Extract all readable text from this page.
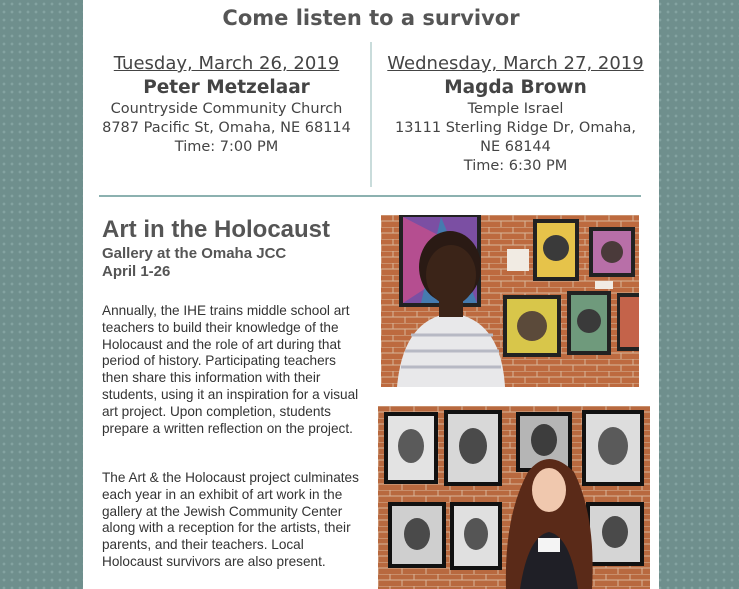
Come listen to a survivor
Tuesday, March 26, 2019
Peter Metzelaar
Countryside Community Church
8787 Pacific St, Omaha, NE 68114
Time: 7:00 PM
Wednesday, March 27, 2019
Magda Brown
Temple Israel
13111 Sterling Ridge Dr, Omaha,
NE 68144
Time: 6:30 PM
Art in the Holocaust
Gallery at the Omaha JCC
April 1-26

Annually, the IHE trains middle school art teachers to build their knowledge of the Holocaust and the role of art during that period of history. Participating teachers then share this information with their students, using it an inspiration for a visual art project. Upon completion, students prepare a written reflection on the project.

The Art & the Holocaust project culminates each year in an exhibit of art work in the gallery at the Jewish Community Center along with a reception for the artists, their parents, and their teachers. Local Holocaust survivors are also present.
